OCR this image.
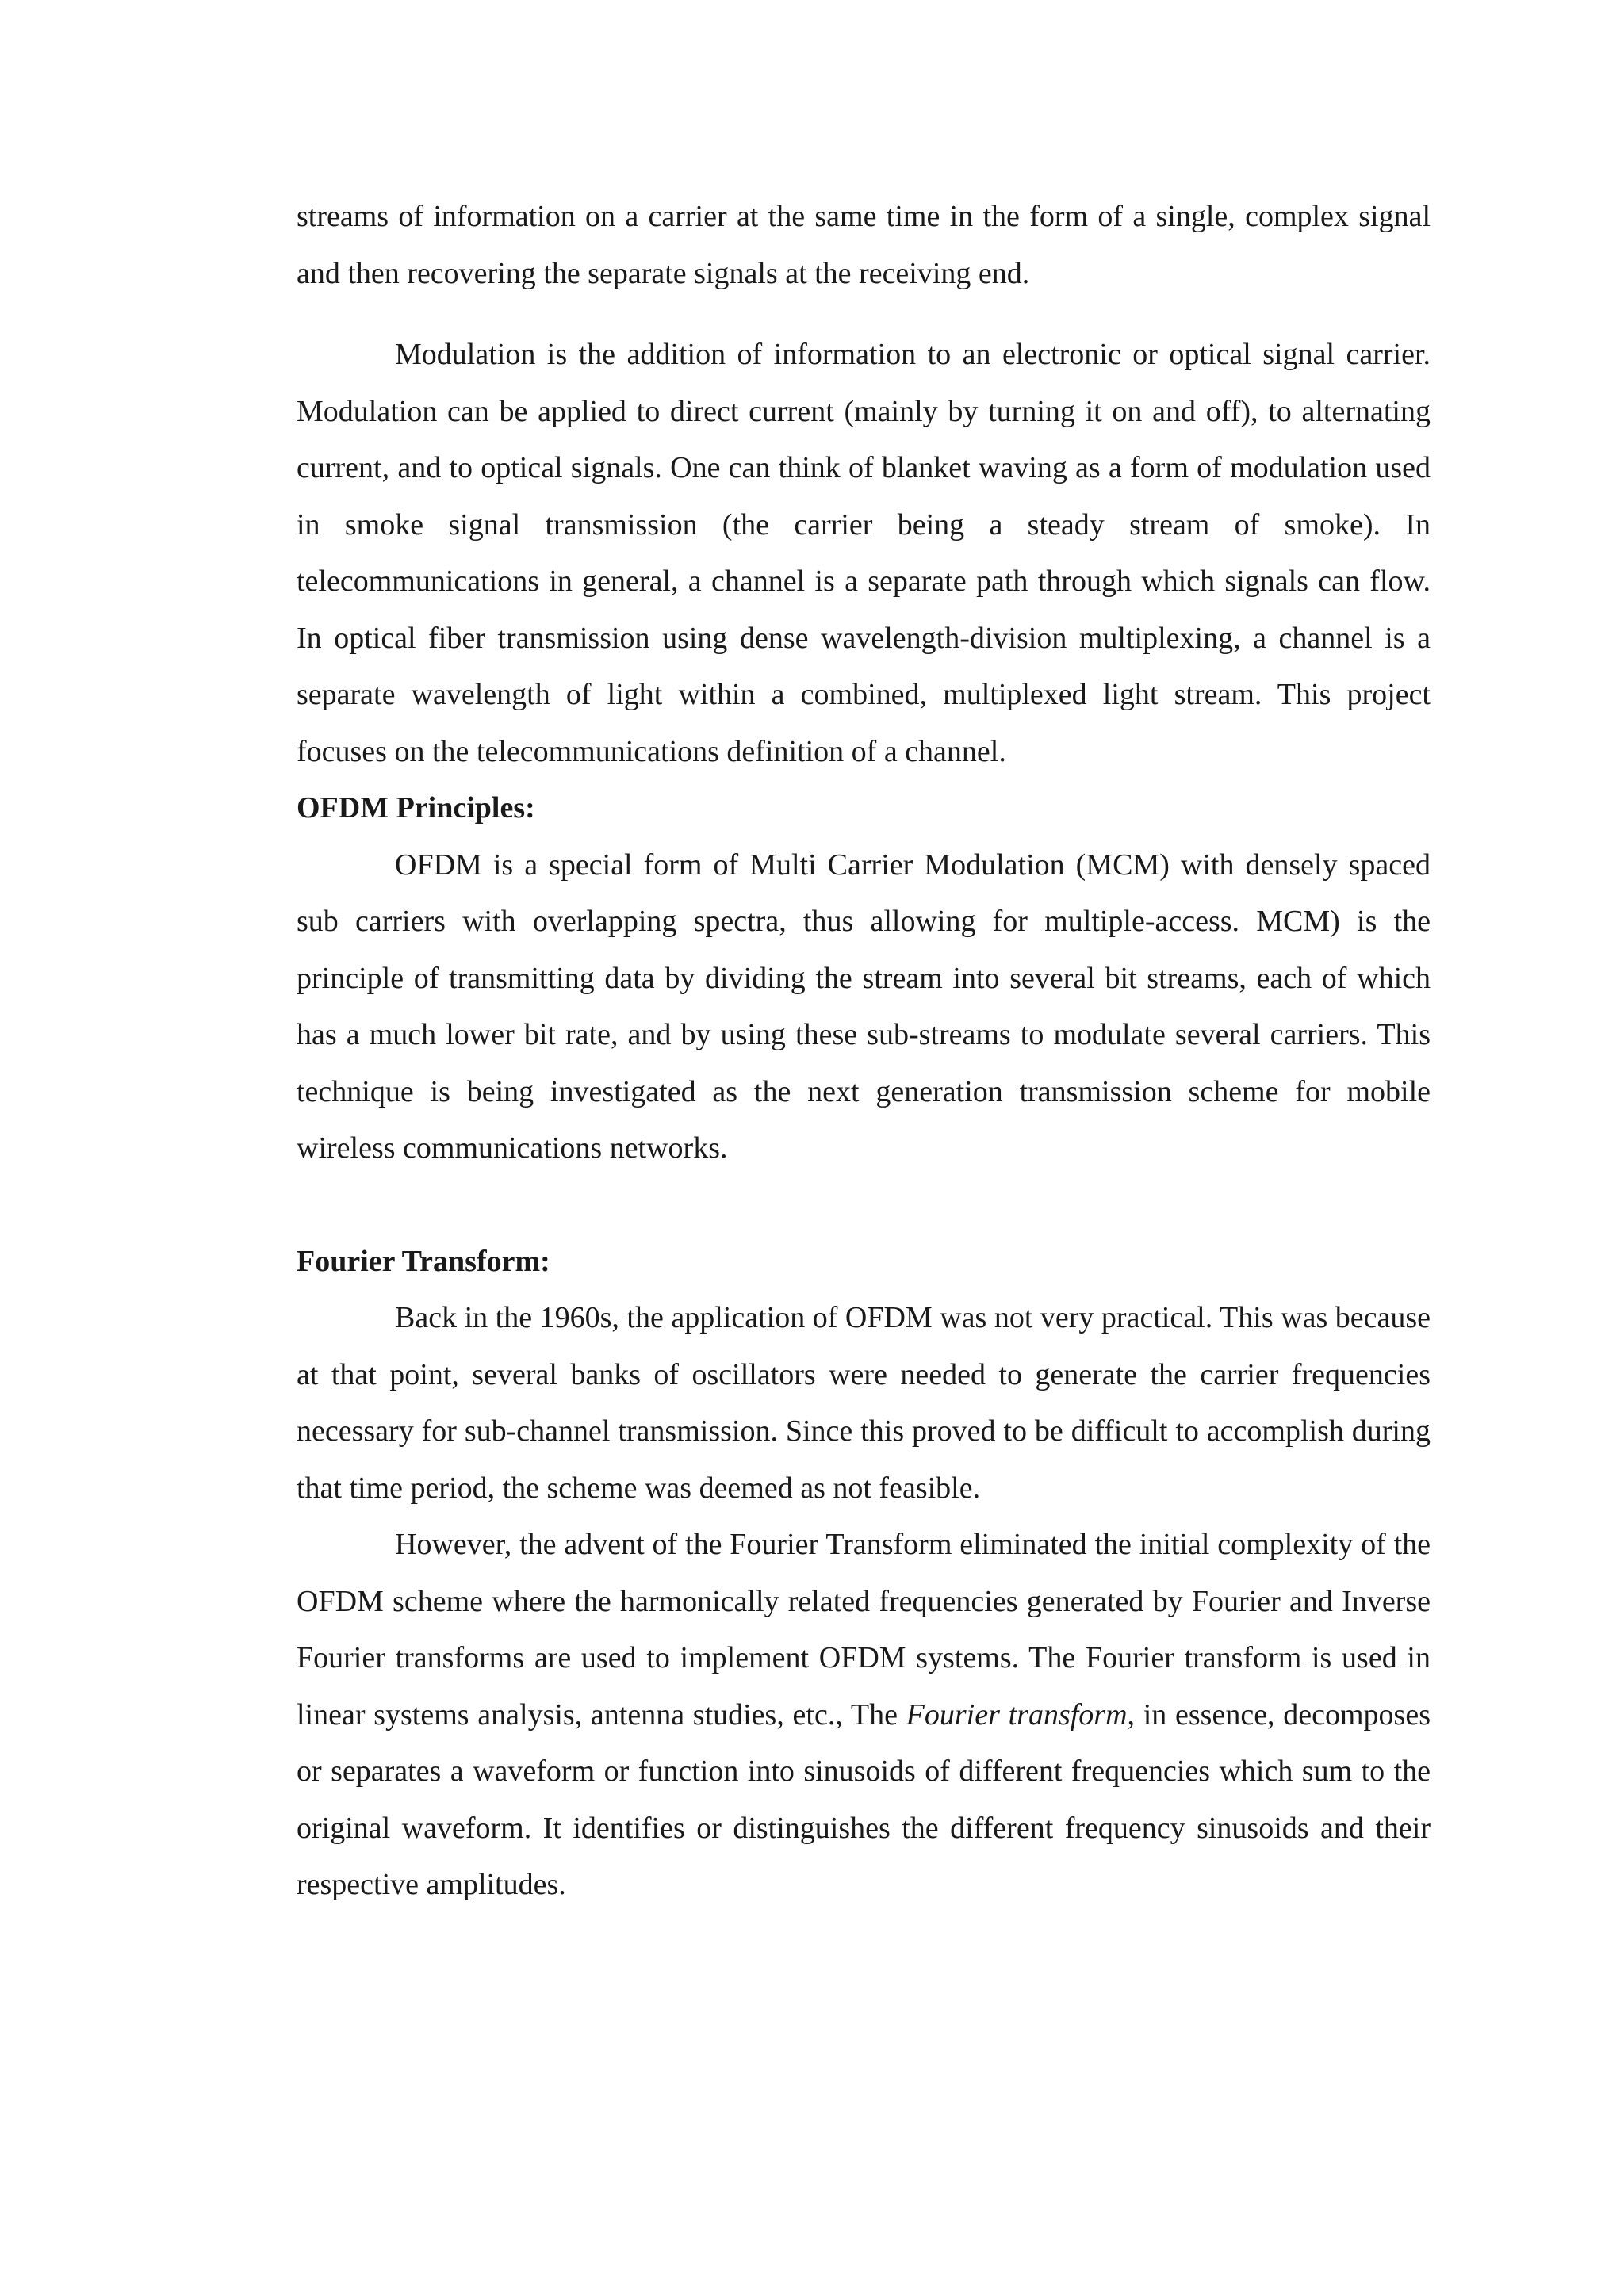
streams of information on a carrier at the same time in the form of a single, complex signal and then recovering the separate signals at the receiving end.

Modulation is the addition of information to an electronic or optical signal carrier. Modulation can be applied to direct current (mainly by turning it on and off), to alternating current, and to optical signals. One can think of blanket waving as a form of modulation used in smoke signal transmission (the carrier being a steady stream of smoke). In telecommunications in general, a channel is a separate path through which signals can flow. In optical fiber transmission using dense wavelength-division multiplexing, a channel is a separate wavelength of light within a combined, multiplexed light stream. This project focuses on the telecommunications definition of a channel.

OFDM Principles:

OFDM is a special form of Multi Carrier Modulation (MCM) with densely spaced sub carriers with overlapping spectra, thus allowing for multiple-access. MCM) is the principle of transmitting data by dividing the stream into several bit streams, each of which has a much lower bit rate, and by using these sub-streams to modulate several carriers. This technique is being investigated as the next generation transmission scheme for mobile wireless communications networks.

Fourier Transform:

Back in the 1960s, the application of OFDM was not very practical. This was because at that point, several banks of oscillators were needed to generate the carrier frequencies necessary for sub-channel transmission. Since this proved to be difficult to accomplish during that time period, the scheme was deemed as not feasible.

However, the advent of the Fourier Transform eliminated the initial complexity of the OFDM scheme where the harmonically related frequencies generated by Fourier and Inverse Fourier transforms are used to implement OFDM systems. The Fourier transform is used in linear systems analysis, antenna studies, etc., The Fourier transform, in essence, decomposes or separates a waveform or function into sinusoids of different frequencies which sum to the original waveform. It identifies or distinguishes the different frequency sinusoids and their respective amplitudes.
